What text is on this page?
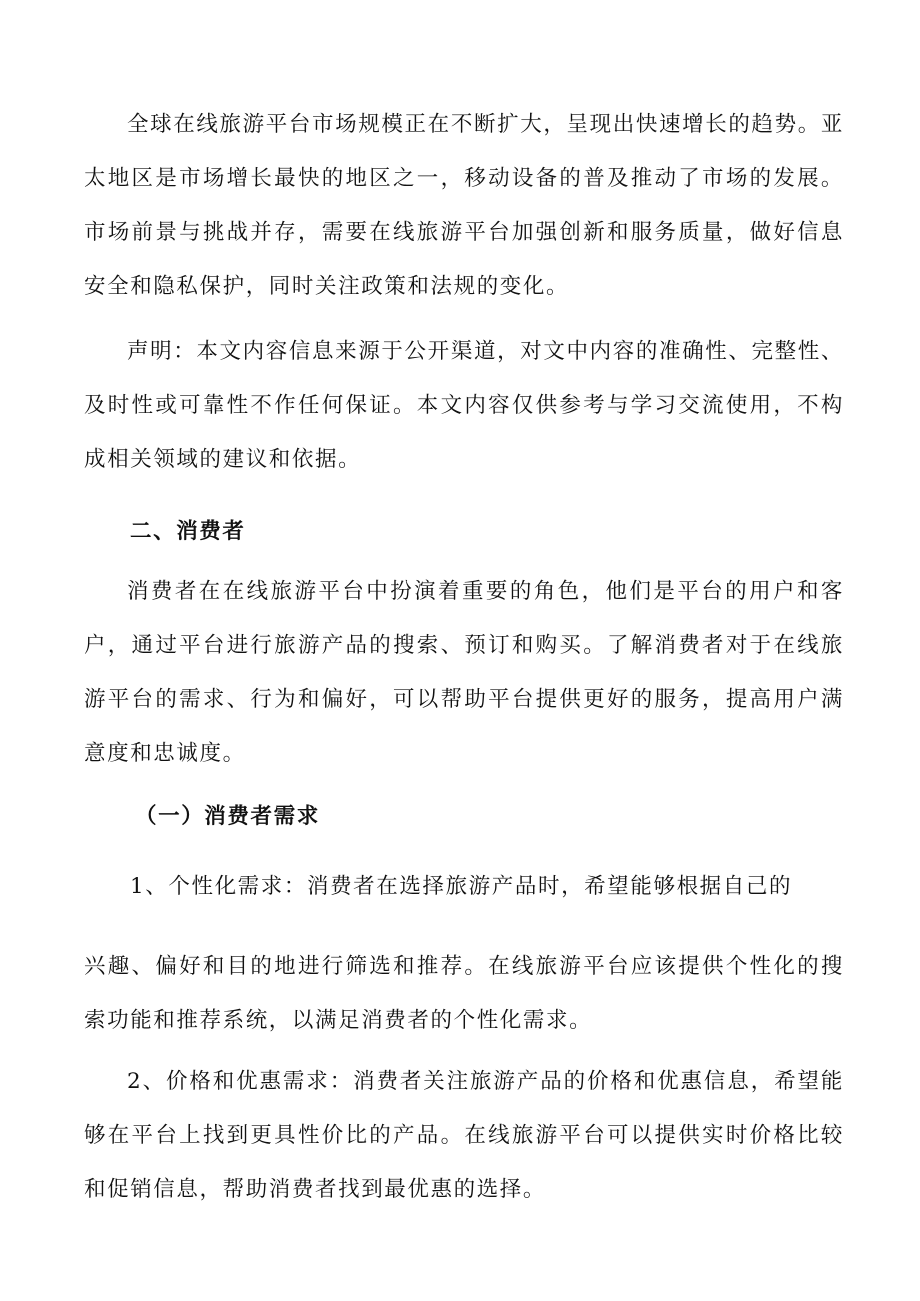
全球在线旅游平台市场规模正在不断扩大，呈现出快速增长的趋势。亚太地区是市场增长最快的地区之一，移动设备的普及推动了市场的发展。市场前景与挑战并存，需要在线旅游平台加强创新和服务质量，做好信息安全和隐私保护，同时关注政策和法规的变化。

声明：本文内容信息来源于公开渠道，对文中内容的准确性、完整性、及时性或可靠性不作任何保证。本文内容仅供参考与学习交流使用，不构成相关领域的建议和依据。

二、消费者

消费者在在线旅游平台中扮演着重要的角色，他们是平台的用户和客户，通过平台进行旅游产品的搜索、预订和购买。了解消费者对于在线旅游平台的需求、行为和偏好，可以帮助平台提供更好的服务，提高用户满意度和忠诚度。

（一）消费者需求

1、个性化需求：消费者在选择旅游产品时，希望能够根据自己的

兴趣、偏好和目的地进行筛选和推荐。在线旅游平台应该提供个性化的搜索功能和推荐系统，以满足消费者的个性化需求。

2、价格和优惠需求：消费者关注旅游产品的价格和优惠信息，希望能够在平台上找到更具性价比的产品。在线旅游平台可以提供实时价格比较和促销信息，帮助消费者找到最优惠的选择。
